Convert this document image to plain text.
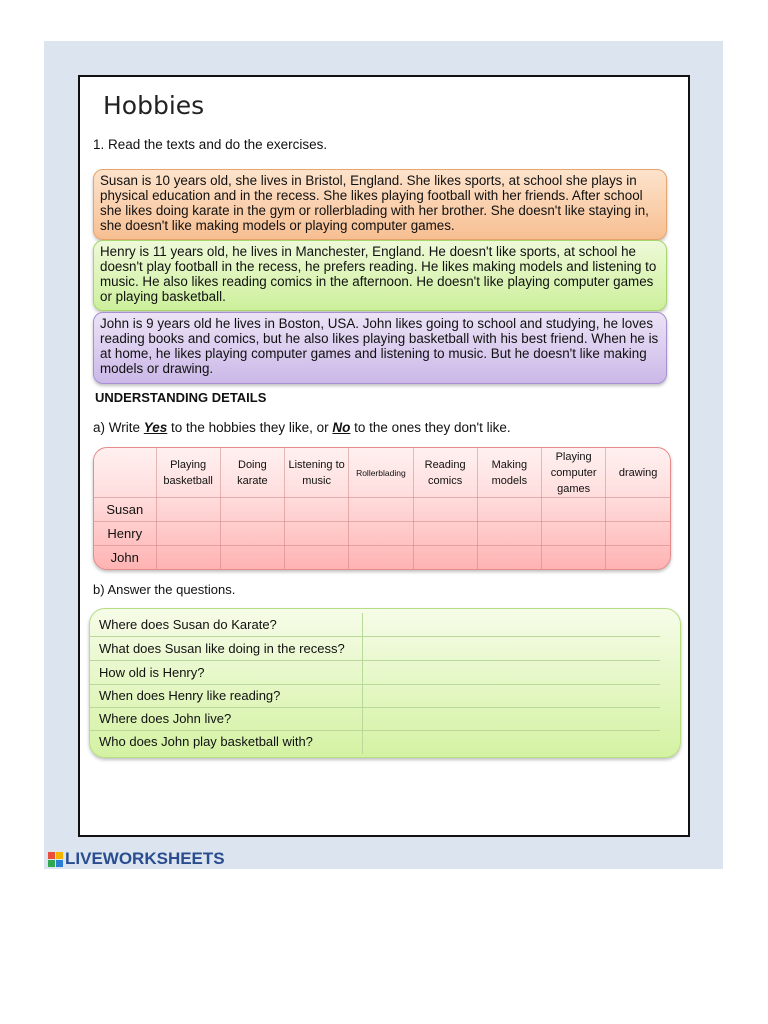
Hobbies
1. Read the texts and do the exercises.
Susan is 10 years old, she lives in Bristol, England. She likes sports, at school she plays in physical education and in the recess. She likes playing football with her friends. After school she likes doing karate in the gym or rollerblading with her brother. She doesn't like staying in, she doesn't like making models or playing computer games.
Henry is 11 years old, he lives in Manchester, England. He doesn't like sports, at school he doesn't play football in the recess, he prefers reading. He likes making models and listening to music. He also likes reading comics in the afternoon. He doesn't like playing computer games or playing basketball.
John is 9 years old he lives in Boston, USA. John likes going to school and studying, he loves reading books and comics, but he also likes playing basketball with his best friend. When he is at home, he likes playing computer games and listening to music. But he doesn't like making models or drawing.
UNDERSTANDING DETAILS
a) Write Yes to the hobbies they like, or No to the ones they don't like.
	Playing basketball	Doing karate	Listening to music	Rollerblading	Reading comics	Making models	Playing computer games	drawing
Susan								
Henry								
John								
b) Answer the questions.
Where does Susan do Karate?
What does Susan like doing in the recess?
How old is Henry?
When does Henry like reading?
Where does John live?
Who does John play basketball with?
LIVEWORKSHEETS
